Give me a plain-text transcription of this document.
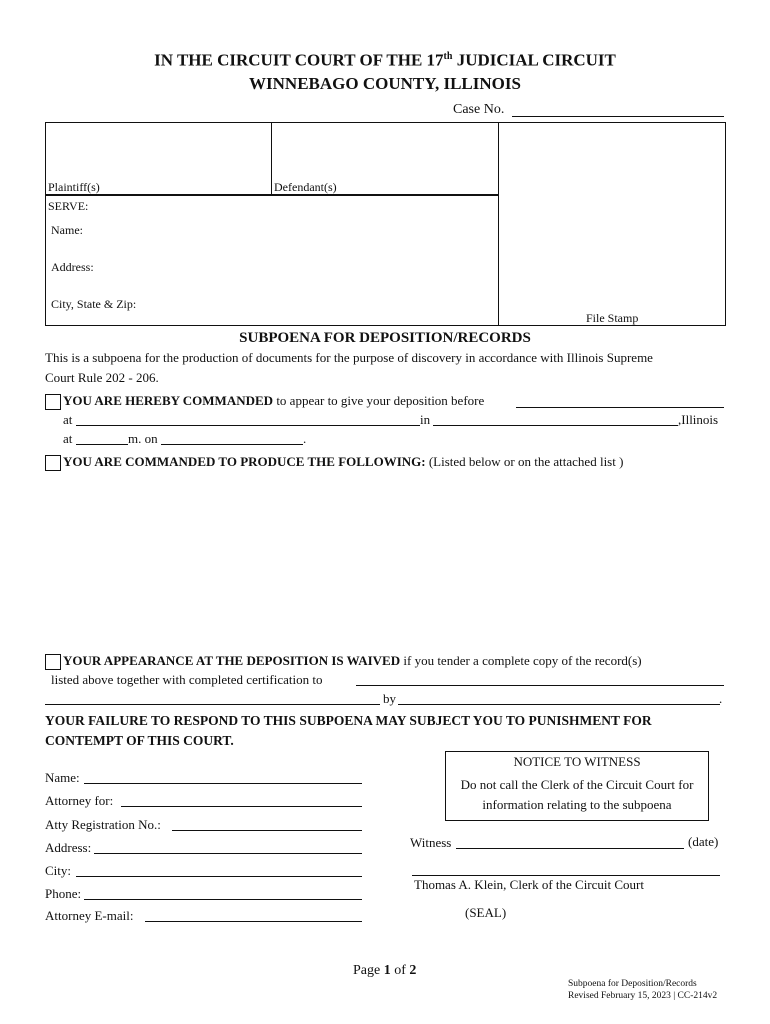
IN THE CIRCUIT COURT OF THE 17th JUDICIAL CIRCUIT
WINNEBAGO COUNTY, ILLINOIS
Case No.
Plaintiff(s)	Defendant(s)
SERVE:
Name:
Address:
City, State & Zip:
File Stamp
SUBPOENA FOR DEPOSITION/RECORDS
This is a subpoena for the production of documents for the purpose of discovery in accordance with Illinois Supreme
Court Rule 202 - 206.
YOU ARE HEREBY COMMANDED to appear to give your deposition before
at	in	,Illinois
at	m. on	.
YOU ARE COMMANDED TO PRODUCE THE FOLLOWING: (Listed below or on the attached list )
YOUR APPEARANCE AT THE DEPOSITION IS WAIVED if you tender a complete copy of the record(s)
listed above together with completed certification to
by	.
YOUR FAILURE TO RESPOND TO THIS SUBPOENA MAY SUBJECT YOU TO PUNISHMENT FOR
CONTEMPT OF THIS COURT.
Name:
Attorney for:
Atty Registration No.:
Address:
City:
Phone:
Attorney E-mail:
NOTICE TO WITNESS
Do not call the Clerk of the Circuit Court for
information relating to the subpoena
Witness	(date)
Thomas A. Klein, Clerk of the Circuit Court
(SEAL)
Page 1 of 2
Subpoena for Deposition/Records
Revised February 15, 2023 | CC-214v2
